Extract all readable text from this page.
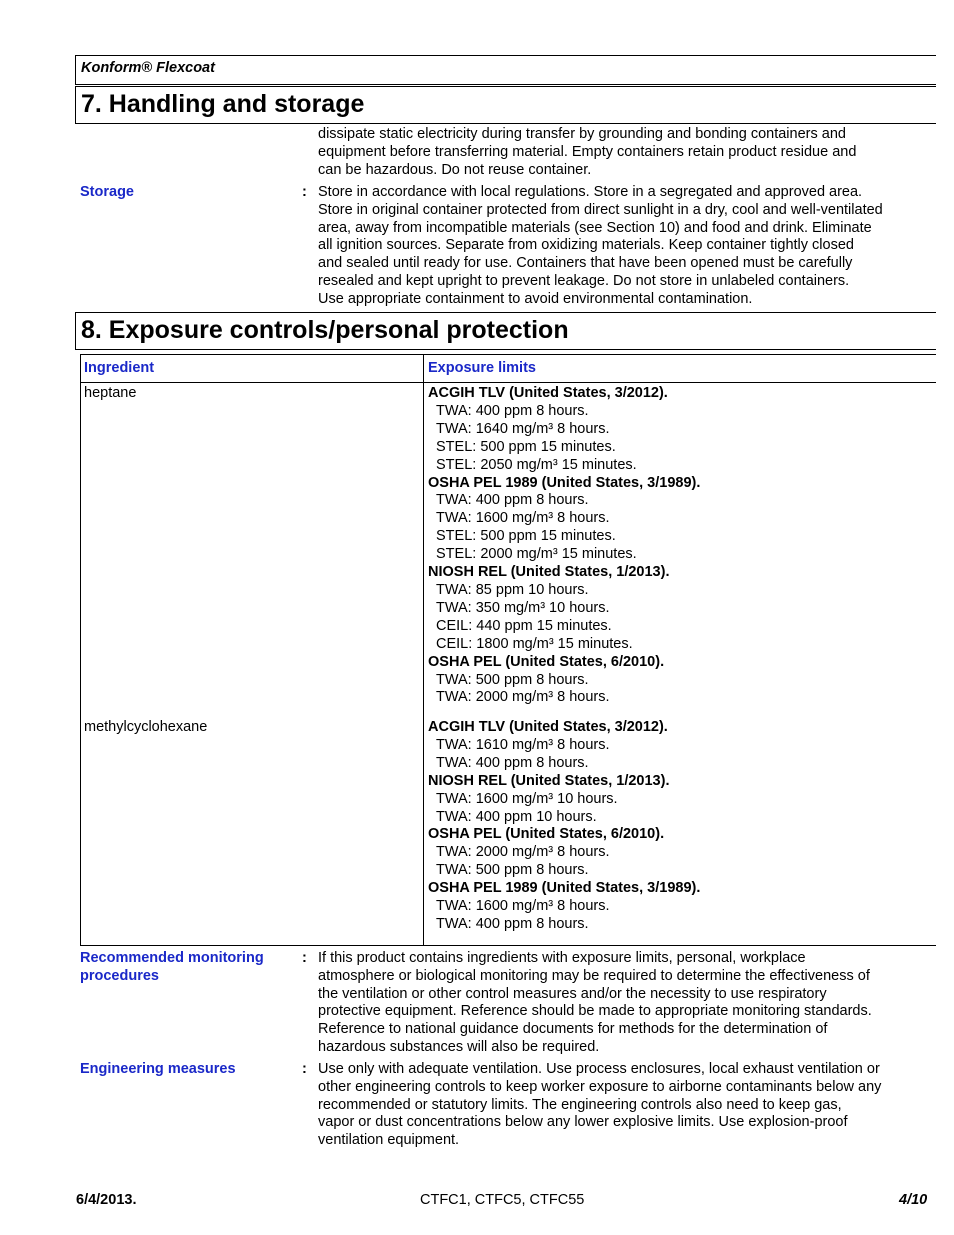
Konform® Flexcoat
7. Handling and storage
dissipate static electricity during transfer by grounding and bonding containers and
equipment before transferring material. Empty containers retain product residue and
can be hazardous. Do not reuse container.
Storage	: Store in accordance with local regulations. Store in a segregated and approved area.
Store in original container protected from direct sunlight in a dry, cool and well-ventilated
area, away from incompatible materials (see Section 10) and food and drink. Eliminate
all ignition sources. Separate from oxidizing materials. Keep container tightly closed
and sealed until ready for use. Containers that have been opened must be carefully
resealed and kept upright to prevent leakage. Do not store in unlabeled containers.
Use appropriate containment to avoid environmental contamination.
8. Exposure controls/personal protection
Ingredient	Exposure limits
heptane	ACGIH TLV (United States, 3/2012).
TWA: 400 ppm 8 hours.
TWA: 1640 mg/m³ 8 hours.
STEL: 500 ppm 15 minutes.
STEL: 2050 mg/m³ 15 minutes.
OSHA PEL 1989 (United States, 3/1989).
TWA: 400 ppm 8 hours.
TWA: 1600 mg/m³ 8 hours.
STEL: 500 ppm 15 minutes.
STEL: 2000 mg/m³ 15 minutes.
NIOSH REL (United States, 1/2013).
TWA: 85 ppm 10 hours.
TWA: 350 mg/m³ 10 hours.
CEIL: 440 ppm 15 minutes.
CEIL: 1800 mg/m³ 15 minutes.
OSHA PEL (United States, 6/2010).
TWA: 500 ppm 8 hours.
TWA: 2000 mg/m³ 8 hours.
methylcyclohexane	ACGIH TLV (United States, 3/2012).
TWA: 1610 mg/m³ 8 hours.
TWA: 400 ppm 8 hours.
NIOSH REL (United States, 1/2013).
TWA: 1600 mg/m³ 10 hours.
TWA: 400 ppm 10 hours.
OSHA PEL (United States, 6/2010).
TWA: 2000 mg/m³ 8 hours.
TWA: 500 ppm 8 hours.
OSHA PEL 1989 (United States, 3/1989).
TWA: 1600 mg/m³ 8 hours.
TWA: 400 ppm 8 hours.
Recommended monitoring
procedures
: If this product contains ingredients with exposure limits, personal, workplace
atmosphere or biological monitoring may be required to determine the effectiveness of
the ventilation or other control measures and/or the necessity to use respiratory
protective equipment. Reference should be made to appropriate monitoring standards.
Reference to national guidance documents for methods for the determination of
hazardous substances will also be required.
Engineering measures	: Use only with adequate ventilation. Use process enclosures, local exhaust ventilation or
other engineering controls to keep worker exposure to airborne contaminants below any
recommended or statutory limits. The engineering controls also need to keep gas,
vapor or dust concentrations below any lower explosive limits. Use explosion-proof
ventilation equipment.
6/4/2013.	CTFC1, CTFC5, CTFC55	4/10
